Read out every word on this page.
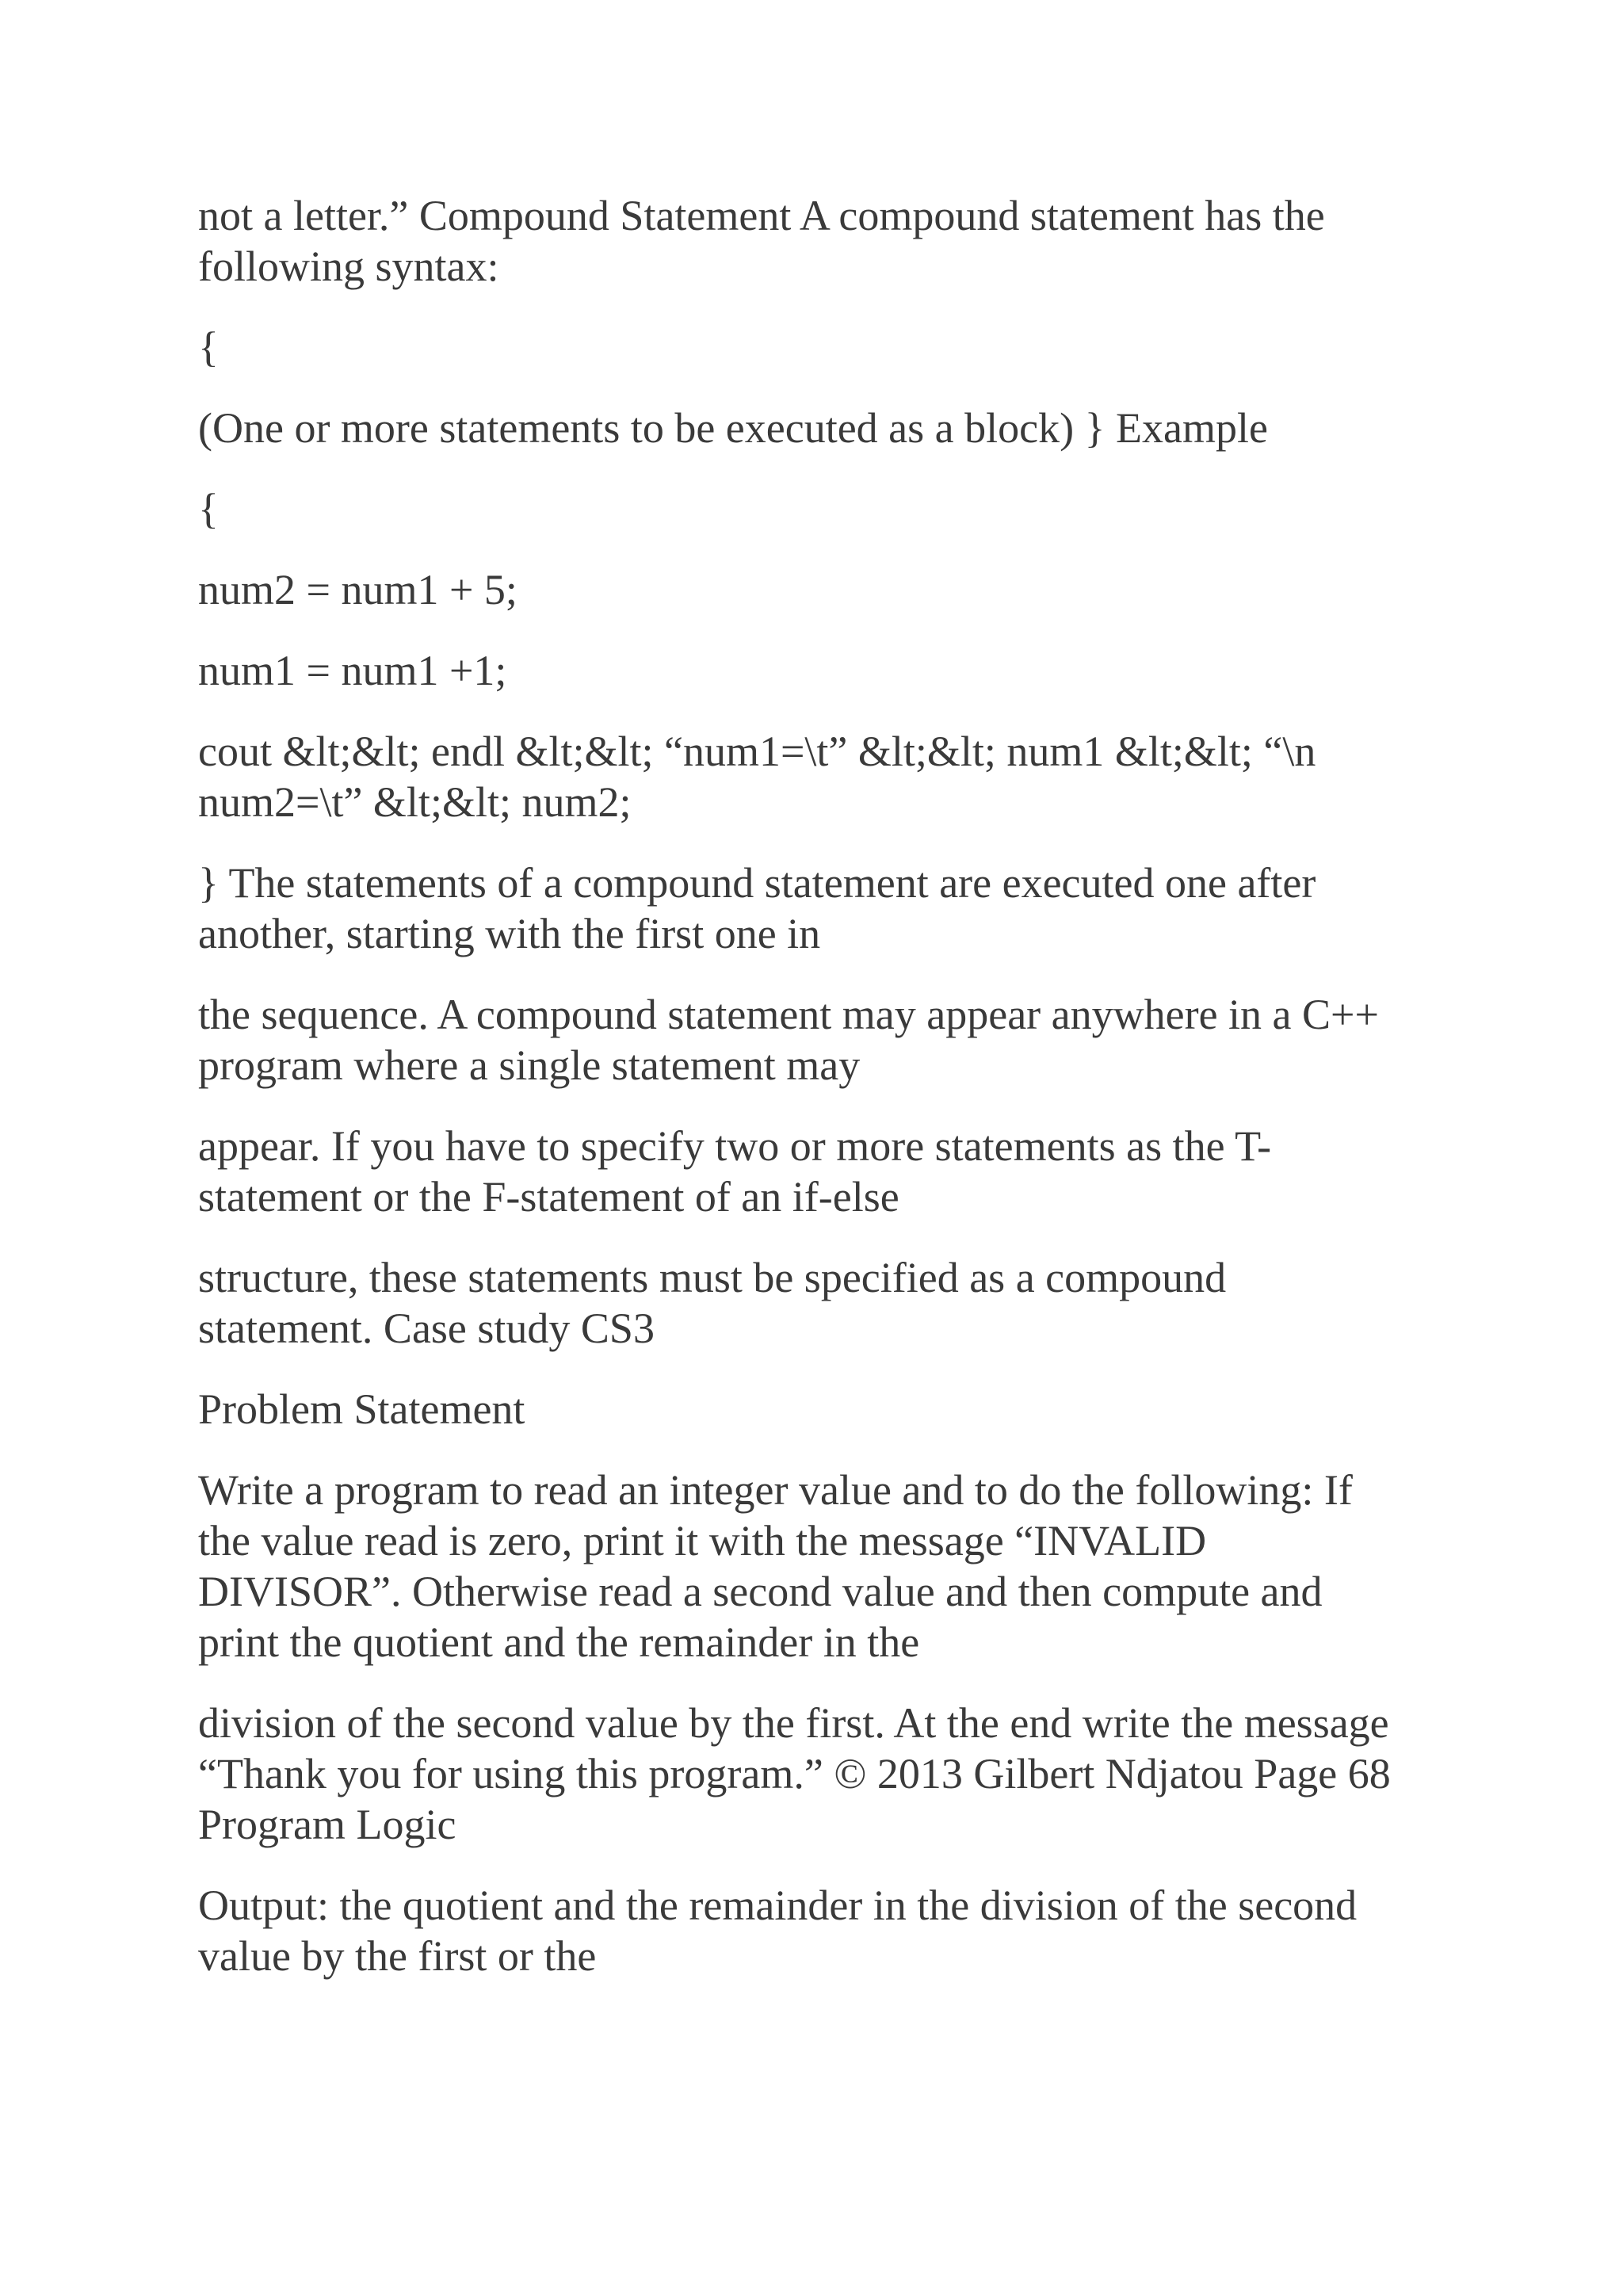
not a letter.” Compound Statement A compound statement has the
following syntax:

{

(One or more statements to be executed as a block) } Example

{

num2 = num1 + 5;

num1 = num1 +1;

cout &lt;&lt; endl &lt;&lt; “num1=\t” &lt;&lt; num1 &lt;&lt; “\n
num2=\t” &lt;&lt; num2;

} The statements of a compound statement are executed one after
another, starting with the first one in

the sequence. A compound statement may appear anywhere in a C++
program where a single statement may

appear. If you have to specify two or more statements as the T-
statement or the F-statement of an if-else

structure, these statements must be specified as a compound
statement. Case study CS3

Problem Statement

Write a program to read an integer value and to do the following: If
the value read is zero, print it with the message “INVALID
DIVISOR”. Otherwise read a second value and then compute and
print the quotient and the remainder in the

division of the second value by the first. At the end write the message
“Thank you for using this program.” © 2013 Gilbert Ndjatou Page 68
Program Logic

Output: the quotient and the remainder in the division of the second
value by the first or the
